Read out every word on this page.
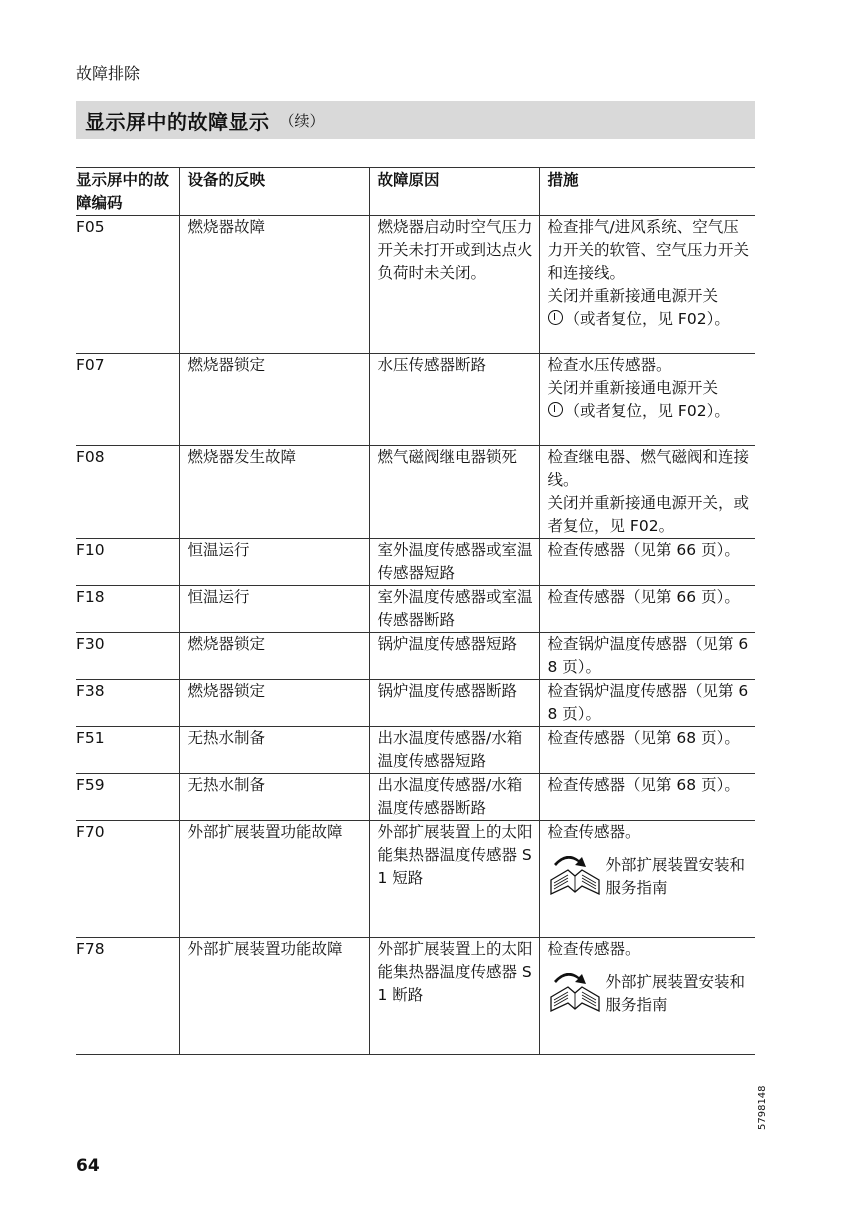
故障排除
显示屏中的故障显示 （续）
显示屏中的故障编码	设备的反映	故障原因	措施
F05	燃烧器故障	燃烧器启动时空气压力开关未打开或到达点火负荷时未关闭。	检查排气/进风系统、空气压力开关的软管、空气压力开关和连接线。
关闭并重新接通电源开关
（或者复位，见 F02）。

F07	燃烧器锁定	水压传感器断路	检查水压传感器。
关闭并重新接通电源开关
（或者复位，见 F02）。

F08	燃烧器发生故障	燃气磁阀继电器锁死	检查继电器、燃气磁阀和连接线。
关闭并重新接通电源开关，或者复位，见 F02。

F10	恒温运行	室外温度传感器或室温传感器短路	检查传感器（见第 66 页）。

F18	恒温运行	室外温度传感器或室温传感器断路	检查传感器（见第 66 页）。

F30	燃烧器锁定	锅炉温度传感器短路	检查锅炉温度传感器（见第 68 页）。

F38	燃烧器锁定	锅炉温度传感器断路	检查锅炉温度传感器（见第 68 页）。

F51	无热水制备	出水温度传感器/水箱温度传感器短路	检查传感器（见第 68 页）。

F59	无热水制备	出水温度传感器/水箱温度传感器断路	检查传感器（见第 68 页）。

F70	外部扩展装置功能故障	外部扩展装置上的太阳能集热器温度传感器 S1 短路	检查传感器。
外部扩展装置安装和服务指南

F78	外部扩展装置功能故障	外部扩展装置上的太阳能集热器温度传感器 S1 断路	检查传感器。
外部扩展装置安装和服务指南
5798148
64
